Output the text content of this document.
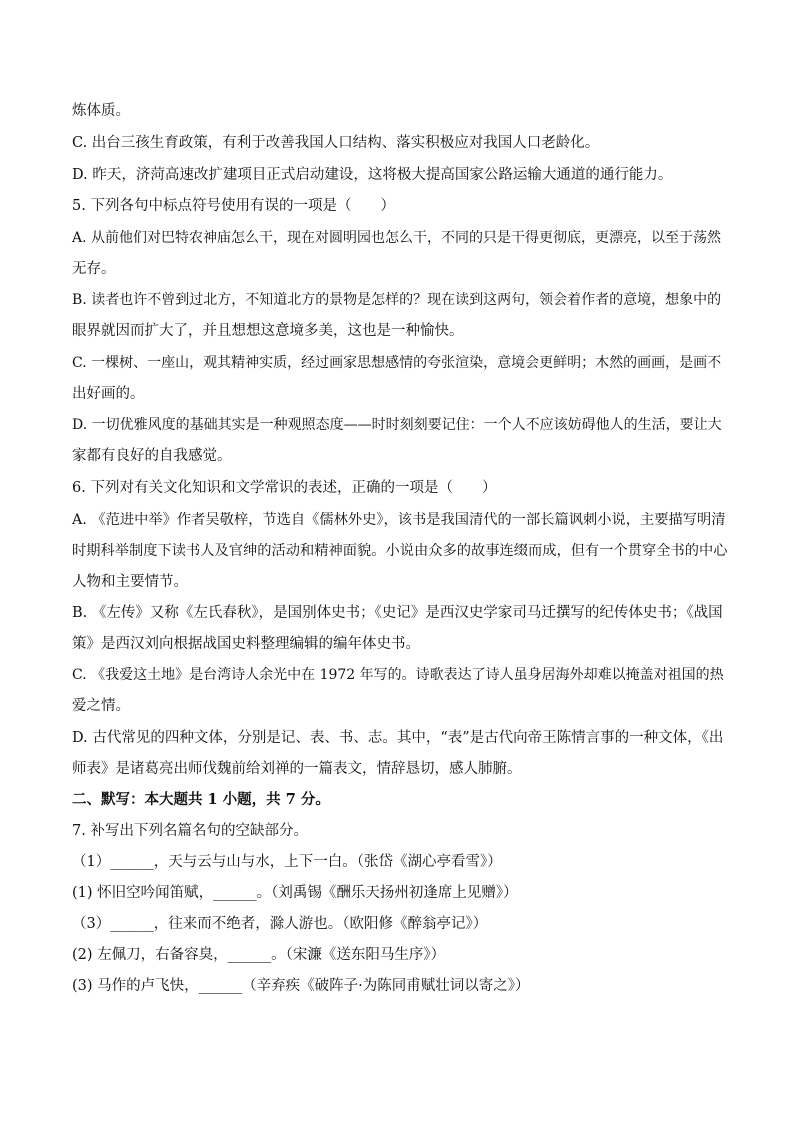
炼体质。
C. 出台三孩生育政策，有利于改善我国人口结构、落实积极应对我国人口老龄化。
D. 昨天，济菏高速改扩建项目正式启动建设，这将极大提高国家公路运输大通道的通行能力。
5. 下列各句中标点符号使用有误的一项是（　　）
A. 从前他们对巴特农神庙怎么干，现在对圆明园也怎么干，不同的只是干得更彻底，更漂亮，以至于荡然
无存。
B. 读者也许不曾到过北方，不知道北方的景物是怎样的？现在读到这两句，领会着作者的意境，想象中的
眼界就因而扩大了，并且想想这意境多美，这也是一种愉快。
C. 一棵树、一座山，观其精神实质，经过画家思想感情的夸张渲染，意境会更鲜明；木然的画画，是画不
出好画的。
D. 一切优雅风度的基础其实是一种观照态度——时时刻刻要记住：一个人不应该妨碍他人的生活，要让大
家都有良好的自我感觉。
6. 下列对有关文化知识和文学常识的表述，正确的一项是（　　）
A. 《范进中举》作者吴敬梓，节选自《儒林外史》，该书是我国清代的一部长篇讽刺小说，主要描写明清
时期科举制度下读书人及官绅的活动和精神面貌。小说由众多的故事连缀而成，但有一个贯穿全书的中心
人物和主要情节。
B. 《左传》又称《左氏春秋》，是国别体史书；《史记》是西汉史学家司马迁撰写的纪传体史书；《战国
策》是西汉刘向根据战国史料整理编辑的编年体史书。
C. 《我爱这土地》是台湾诗人余光中在 1972 年写的。诗歌表达了诗人虽身居海外却难以掩盖对祖国的热
爱之情。
D. 古代常见的四种文体，分别是记、表、书、志。其中，“表”是古代向帝王陈情言事的一种文体，《出
师表》是诸葛亮出师伐魏前给刘禅的一篇表文，情辞恳切，感人肺腑。
二、默写：本大题共 1 小题，共 7 分。
7. 补写出下列名篇名句的空缺部分。
（1）______，天与云与山与水，上下一白。（张岱《湖心亭看雪》）
(1) 怀旧空吟闻笛赋，______。（刘禹锡《酬乐天扬州初逢席上见赠》）
（3）______，往来而不绝者，滁人游也。（欧阳修《醉翁亭记》）
(2) 左佩刀，右备容臭，______。（宋濂《送东阳马生序》）
(3) 马作的卢飞快，______（辛弃疾《破阵子·为陈同甫赋壮词以寄之》）
